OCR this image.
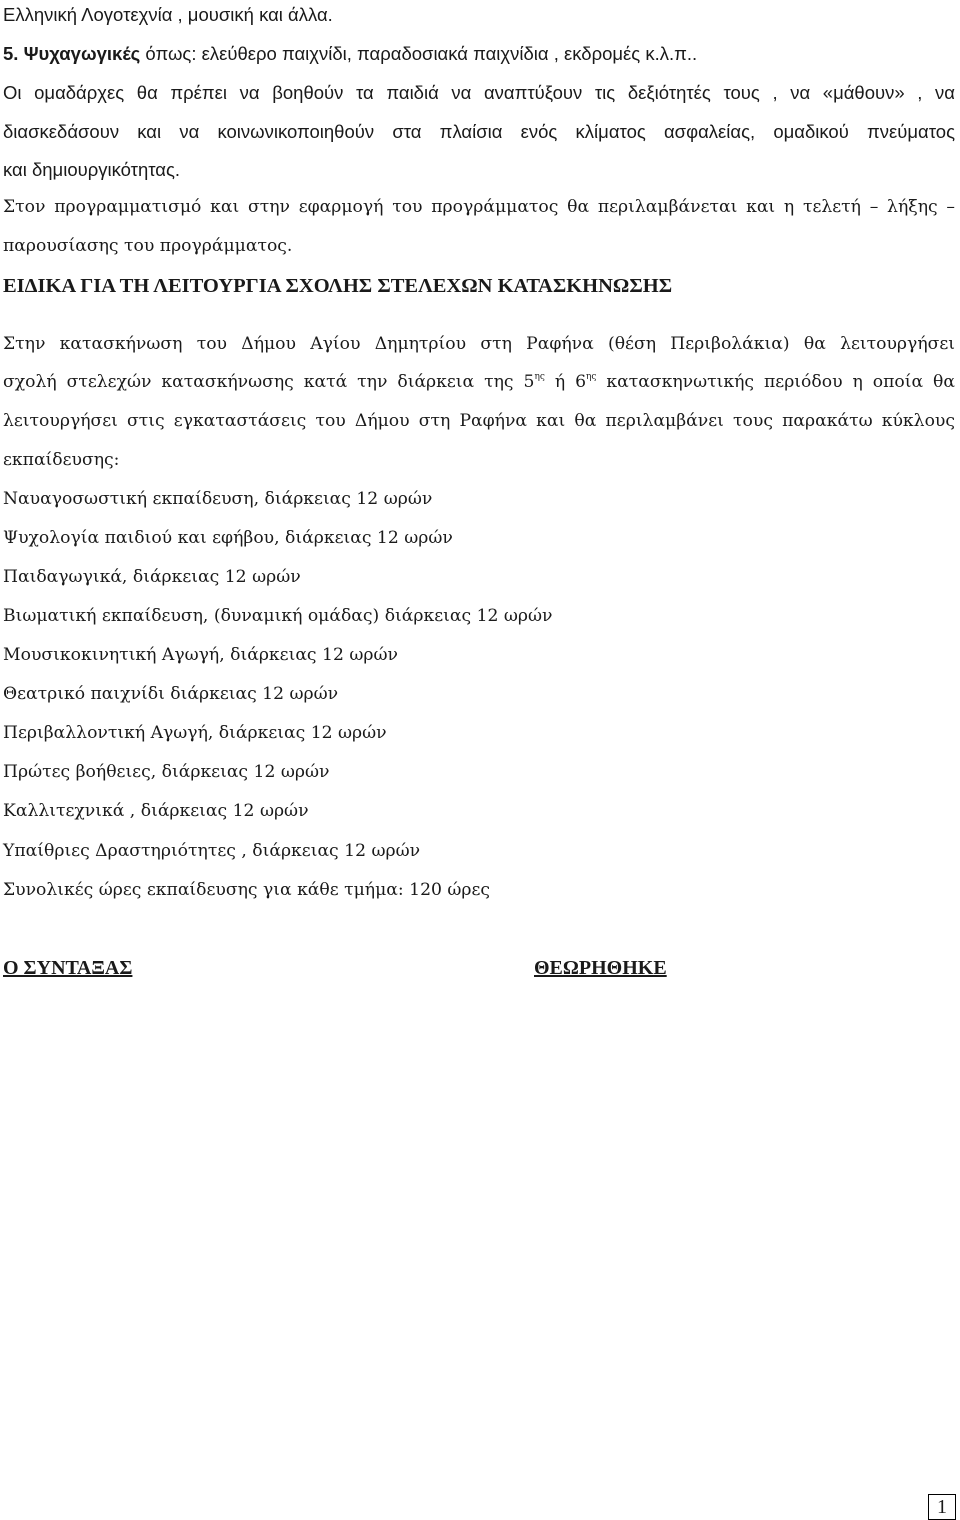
Ελληνική Λογοτεχνία , μουσική και άλλα.
5. Ψυχαγωγικές όπως: ελεύθερο παιχνίδι, παραδοσιακά παιχνίδια , εκδρομές κ.λ.π..
Οι ομαδάρχες θα πρέπει να βοηθούν τα παιδιά να αναπτύξουν τις δεξιότητές τους , να «μάθουν» , να
διασκεδάσουν και να κοινωνικοποιηθούν στα πλαίσια ενός κλίματος ασφαλείας, ομαδικού πνεύματος
και δημιουργικότητας.
Στον προγραμματισμό και στην εφαρμογή του προγράμματος θα περιλαμβάνεται και η τελετή – λήξης –
παρουσίασης του προγράμματος.
ΕΙΔΙΚΑ ΓΙΑ ΤΗ ΛΕΙΤΟΥΡΓΙΑ ΣΧΟΛΗΣ ΣΤΕΛΕΧΩΝ ΚΑΤΑΣΚΗΝΩΣΗΣ
Στην κατασκήνωση του Δήμου Αγίου Δημητρίου στη Ραφήνα (θέση Περιβολάκια) θα λειτουργήσει
σχολή στελεχών κατασκήνωσης κατά την διάρκεια της $5^{\eta\varsigma}$ ή $6^{\eta\varsigma}$ κατασκηνωτικής περιόδου η οποία θα
λειτουργήσει στις εγκαταστάσεις του Δήμου στη Ραφήνα και θα περιλαμβάνει τους παρακάτω κύκλους
εκπαίδευσης:
Ναυαγοσωστική εκπαίδευση, διάρκειας 12 ωρών
Ψυχολογία παιδιού και εφήβου, διάρκειας 12 ωρών
Παιδαγωγικά, διάρκειας 12 ωρών
Βιωματική εκπαίδευση, (δυναμική ομάδας) διάρκειας 12 ωρών
Μουσικοκινητική Αγωγή, διάρκειας 12 ωρών
Θεατρικό παιχνίδι διάρκειας 12 ωρών
Περιβαλλοντική Αγωγή, διάρκειας 12 ωρών
Πρώτες βοήθειες, διάρκειας 12 ωρών
Καλλιτεχνικά , διάρκειας 12 ωρών
Υπαίθριες Δραστηριότητες , διάρκειας 12 ωρών
Συνολικές ώρες εκπαίδευσης για κάθε τμήμα: 120 ώρες
Ο ΣΥΝΤΑΞΑΣ	ΘΕΩΡΗΘΗΚΕ
1
